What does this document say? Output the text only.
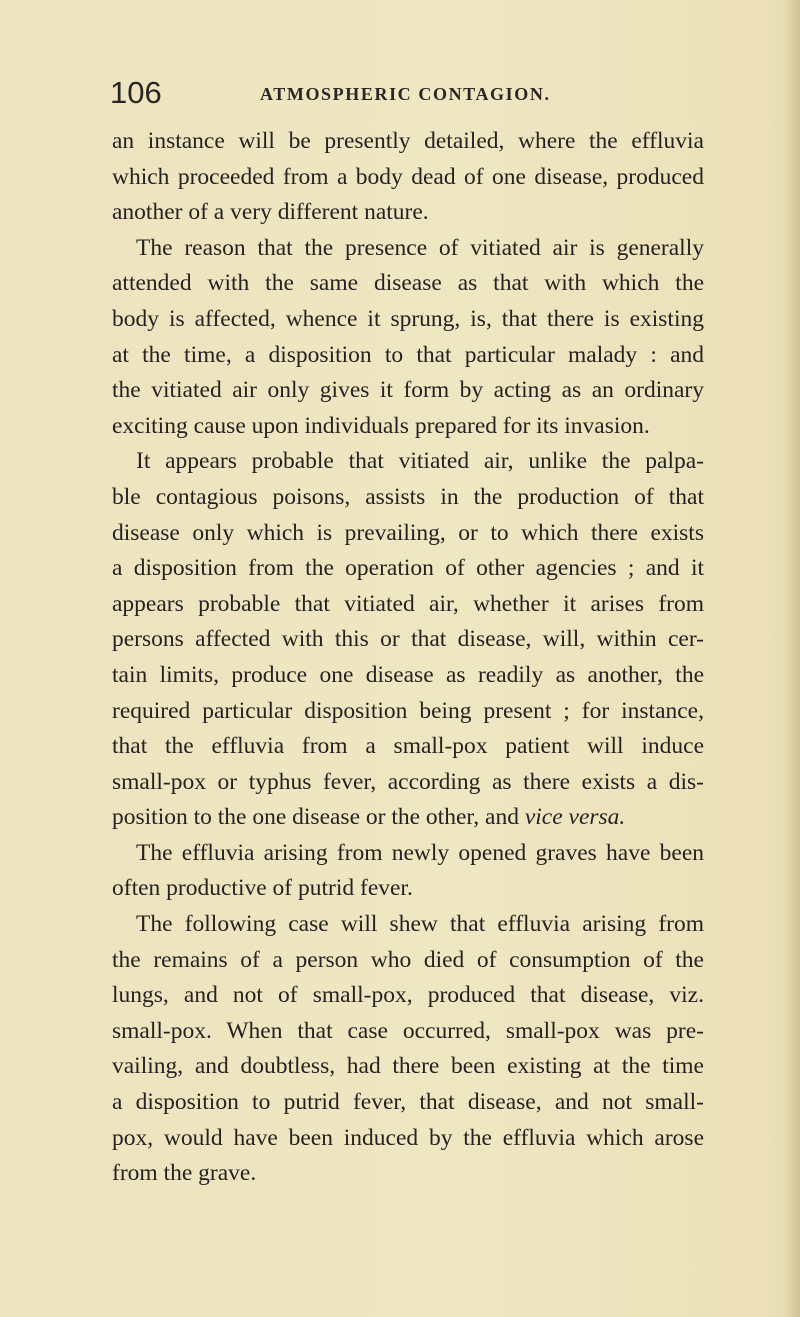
106	ATMOSPHERIC CONTAGION.
an instance will be presently detailed, where the effluvia
which proceeded from a body dead of one disease, produced
another of a very different nature.
The reason that the presence of vitiated air is generally
attended with the same disease as that with which the
body is affected, whence it sprung, is, that there is existing
at the time, a disposition to that particular malady : and
the vitiated air only gives it form by acting as an ordinary
exciting cause upon individuals prepared for its invasion.
It appears probable that vitiated air, unlike the palpa-
ble contagious poisons, assists in the production of that
disease only which is prevailing, or to which there exists
a disposition from the operation of other agencies ; and it
appears probable that vitiated air, whether it arises from
persons affected with this or that disease, will, within cer-
tain limits, produce one disease as readily as another, the
required particular disposition being present ; for instance,
that the effluvia from a small-pox patient will induce
small-pox or typhus fever, according as there exists a dis-
position to the one disease or the other, and vice versa.
The effluvia arising from newly opened graves have been
often productive of putrid fever.
The following case will shew that effluvia arising from
the remains of a person who died of consumption of the
lungs, and not of small-pox, produced that disease, viz.
small-pox. When that case occurred, small-pox was pre-
vailing, and doubtless, had there been existing at the time
a disposition to putrid fever, that disease, and not small-
pox, would have been induced by the effluvia which arose
from the grave.
